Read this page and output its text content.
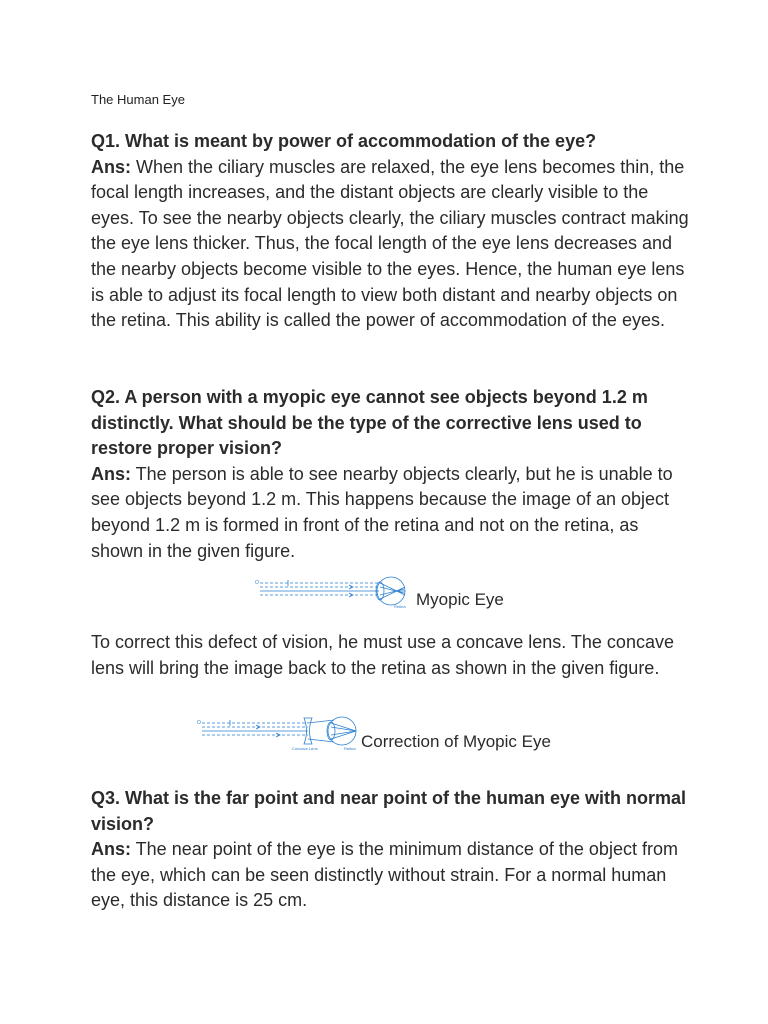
The Human Eye
Q1. What is meant by power of accommodation of the eye?
Ans: When the ciliary muscles are relaxed, the eye lens becomes thin, the focal length increases, and the distant objects are clearly visible to the eyes. To see the nearby objects clearly, the ciliary muscles contract making the eye lens thicker. Thus, the focal length of the eye lens decreases and the nearby objects become visible to the eyes. Hence, the human eye lens is able to adjust its focal length to view both distant and nearby objects on the retina. This ability is called the power of accommodation of the eyes.
Q2. A person with a myopic eye cannot see objects beyond 1.2 m distinctly. What should be the type of the corrective lens used to restore proper vision?
Ans: The person is able to see nearby objects clearly, but he is unable to see objects beyond 1.2 m. This happens because the image of an object beyond 1.2 m is formed in front of the retina and not on the retina, as shown in the given figure.
O
Retina Myopic Eye
To correct this defect of vision, he must use a concave lens. The concave lens will bring the image back to the retina as shown in the given figure.
O
Concave Lens	Retina Correction of Myopic Eye
Q3. What is the far point and near point of the human eye with normal vision?
Ans: The near point of the eye is the minimum distance of the object from the eye, which can be seen distinctly without strain. For a normal human eye, this distance is 25 cm.
